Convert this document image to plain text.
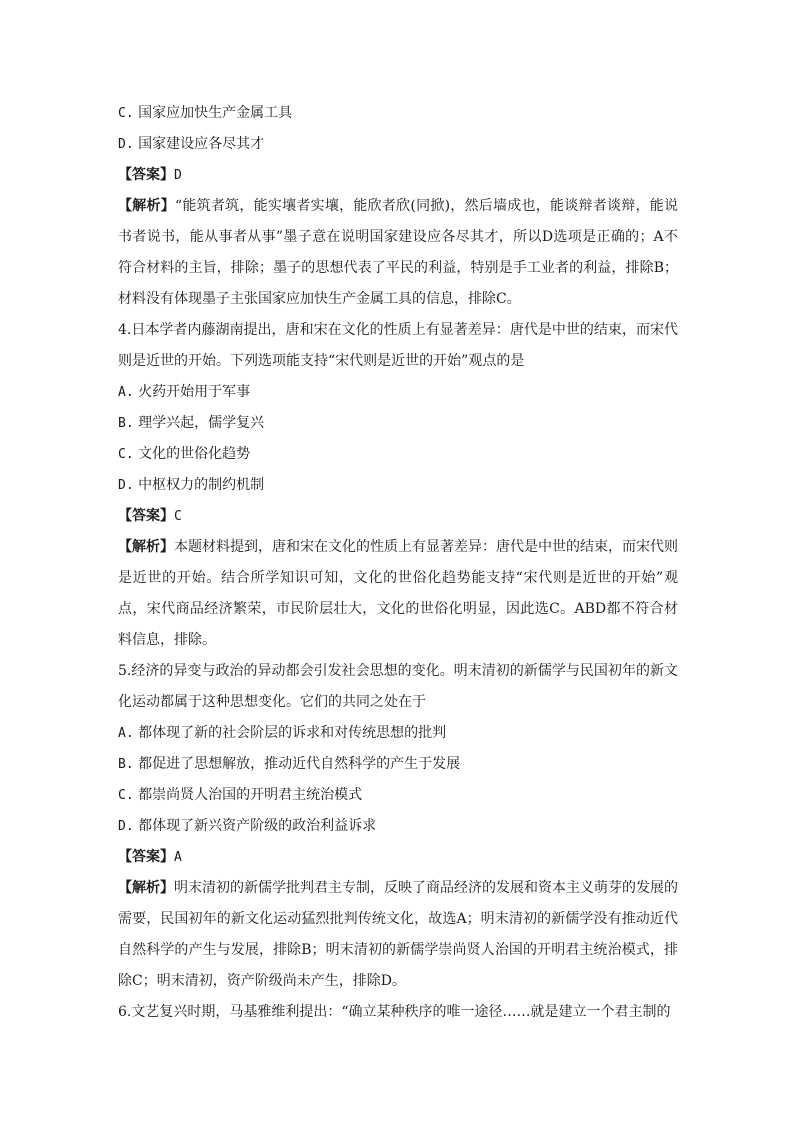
C. 国家应加快生产金属工具
D. 国家建设应各尽其才
【答案】D
【解析】“能筑者筑，能实壤者实壤，能欣者欣(同掀)，然后墙成也，能谈辩者谈辩，能说书者说书，能从事者从事”墨子意在说明国家建设应各尽其才，所以D选项是正确的；A不符合材料的主旨，排除；墨子的思想代表了平民的利益，特别是手工业者的利益，排除B；材料没有体现墨子主张国家应加快生产金属工具的信息，排除C。
4.日本学者内藤湖南提出，唐和宋在文化的性质上有显著差异：唐代是中世的结束，而宋代则是近世的开始。下列选项能支持“宋代则是近世的开始”观点的是
A. 火药开始用于军事
B. 理学兴起，儒学复兴
C. 文化的世俗化趋势
D. 中枢权力的制约机制
【答案】C
【解析】本题材料提到，唐和宋在文化的性质上有显著差异：唐代是中世的结束，而宋代则是近世的开始。结合所学知识可知，文化的世俗化趋势能支持“宋代则是近世的开始”观点，宋代商品经济繁荣，市民阶层壮大，文化的世俗化明显，因此选C。ABD都不符合材料信息，排除。
5.经济的异变与政治的异动都会引发社会思想的变化。明末清初的新儒学与民国初年的新文化运动都属于这种思想变化。它们的共同之处在于
A. 都体现了新的社会阶层的诉求和对传统思想的批判
B. 都促进了思想解放，推动近代自然科学的产生于发展
C. 都崇尚贤人治国的开明君主统治模式
D. 都体现了新兴资产阶级的政治利益诉求
【答案】A
【解析】明末清初的新儒学批判君主专制，反映了商品经济的发展和资本主义萌芽的发展的需要，民国初年的新文化运动猛烈批判传统文化，故选A；明末清初的新儒学没有推动近代自然科学的产生与发展，排除B；明末清初的新儒学崇尚贤人治国的开明君主统治模式，排除C；明末清初，资产阶级尚未产生，排除D。
6.文艺复兴时期，马基雅维利提出：“确立某种秩序的唯一途径……就是建立一个君主制的
